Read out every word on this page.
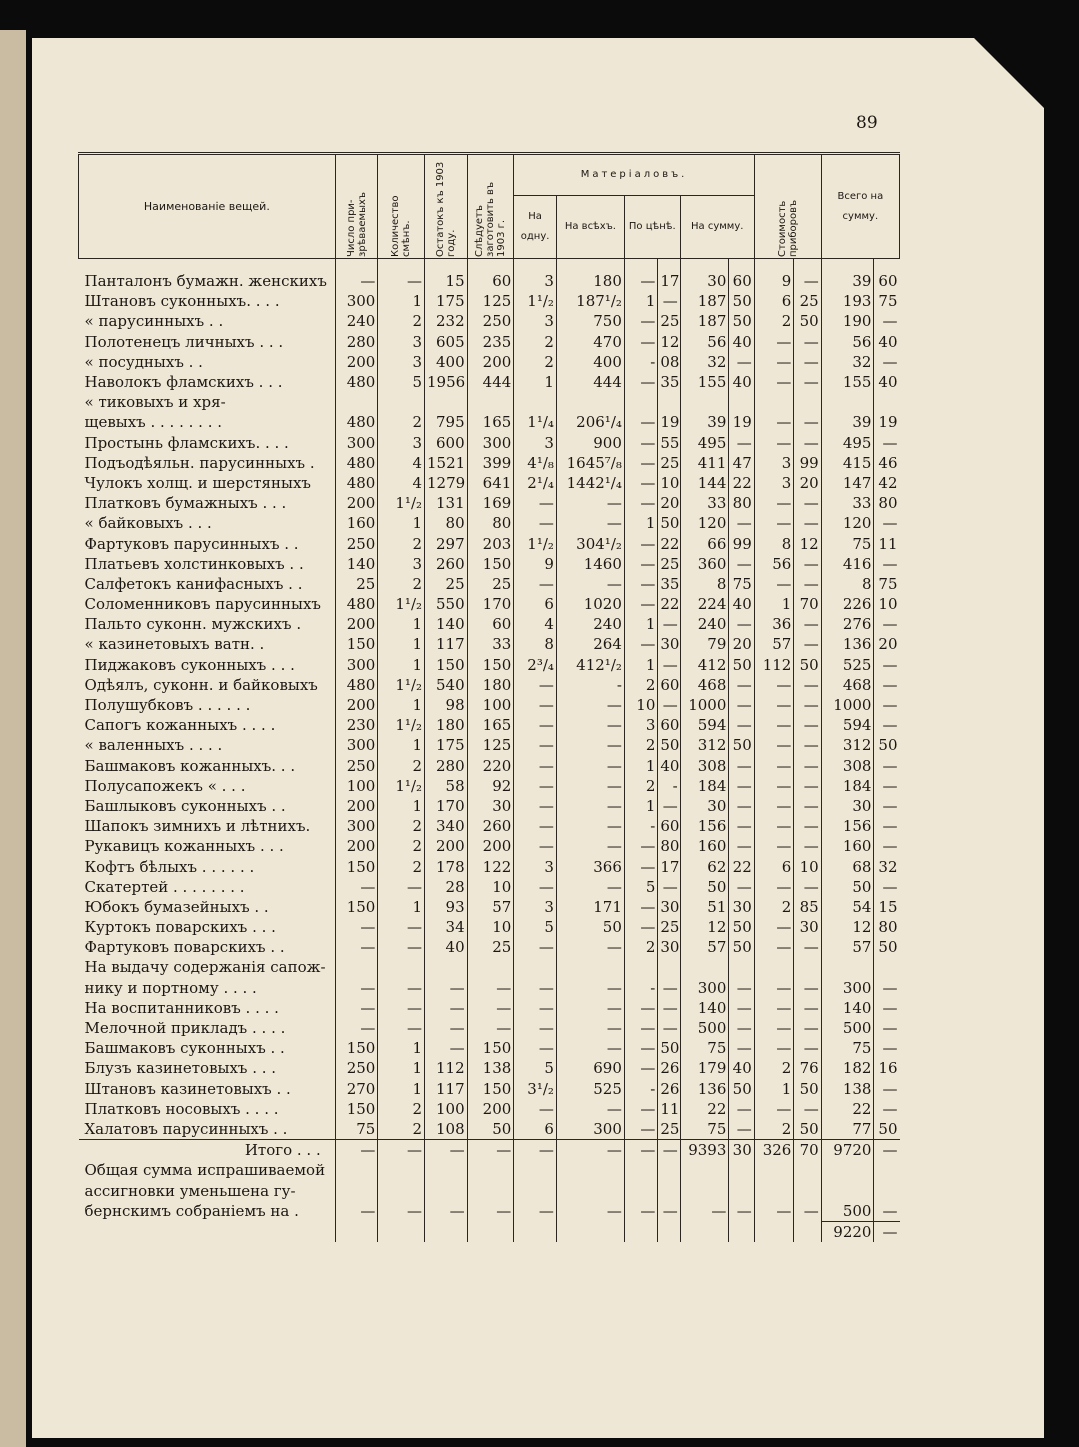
89
Наименованіе вещей.	Число при-зрѣваемыхъ	Количество смѣнъ.	Остатокъ къ 1903 году.	Слѣдуетъ заготовить въ 1903 г.	Матеріаловъ.						Стоимость приборовъ		Всего на сумму.	
					На одну.	На всѣхъ.	По цѣнѣ.		На сумму.					
Панталонъ бумажн. женскихъ	—	—	15	60	3	180	—	17	30	60	9	—	39	60
Штановъ суконныхъ. . . .	300	1	175	125	1¹/₂	187¹/₂	1	—	187	50	6	25	193	75
« парусинныхъ . .	240	2	232	250	3	750	—	25	187	50	2	50	190	—
Полотенецъ личныхъ . . .	280	3	605	235	2	470	—	12	56	40	—	—	56	40
« посудныхъ . .	200	3	400	200	2	400	-	08	32	—	—	—	32	—
Наволокъ фламскихъ . . .	480	5	1956	444	1	444	—	35	155	40	—	—	155	40
« тиковыхъ и хря-														
щевыхъ . . . . . . . .	480	2	795	165	1¹/₄	206¹/₄	—	19	39	19	—	—	39	19
Простынь фламскихъ. . . .	300	3	600	300	3	900	—	55	495	—	—	—	495	—
Подъодѣяльн. парусинныхъ .	480	4	1521	399	4¹/₈	1645⁷/₈	—	25	411	47	3	99	415	46
Чулокъ холщ. и шерстяныхъ	480	4	1279	641	2¹/₄	1442¹/₄	—	10	144	22	3	20	147	42
Платковъ бумажныхъ . . .	200	1¹/₂	131	169	—	—	—	20	33	80	—	—	33	80
« байковыхъ . . .	160	1	80	80	—	—	1	50	120	—	—	—	120	—
Фартуковъ парусинныхъ . .	250	2	297	203	1¹/₂	304¹/₂	—	22	66	99	8	12	75	11
Платьевъ холстинковыхъ . .	140	3	260	150	9	1460	—	25	360	—	56	—	416	—
Салфетокъ канифасныхъ . .	25	2	25	25	—	—	—	35	8	75	—	—	8	75
Соломенниковъ парусинныхъ	480	1¹/₂	550	170	6	1020	—	22	224	40	1	70	226	10
Пальто суконн. мужскихъ .	200	1	140	60	4	240	1	—	240	—	36	—	276	—
« казинетовыхъ ватн. .	150	1	117	33	8	264	—	30	79	20	57	—	136	20
Пиджаковъ суконныхъ . . .	300	1	150	150	2³/₄	412¹/₂	1	—	412	50	112	50	525	—
Одѣялъ, суконн. и байковыхъ	480	1¹/₂	540	180	—	-	2	60	468	—	—	—	468	—
Полушубковъ . . . . . .	200	1	98	100	—	—	10	—	1000	—	—	—	1000	—
Сапогъ кожанныхъ . . . .	230	1¹/₂	180	165	—	—	3	60	594	—	—	—	594	—
« валенныхъ . . . .	300	1	175	125	—	—	2	50	312	50	—	—	312	50
Башмаковъ кожанныхъ. . .	250	2	280	220	—	—	1	40	308	—	—	—	308	—
Полусапожекъ « . . .	100	1¹/₂	58	92	—	—	2	-	184	—	—	—	184	—
Башлыковъ суконныхъ . .	200	1	170	30	—	—	1	—	30	—	—	—	30	—
Шапокъ зимнихъ и лѣтнихъ.	300	2	340	260	—	—	-	60	156	—	—	—	156	—
Рукавицъ кожанныхъ . . .	200	2	200	200	—	—	—	80	160	—	—	—	160	—
Кофтъ бѣлыхъ . . . . . .	150	2	178	122	3	366	—	17	62	22	6	10	68	32
Скатертей . . . . . . . .	—	—	28	10	—	—	5	—	50	—	—	—	50	—
Юбокъ бумазейныхъ . .	150	1	93	57	3	171	—	30	51	30	2	85	54	15
Куртокъ поварскихъ . . .	—	—	34	10	5	50	—	25	12	50	—	30	12	80
Фартуковъ поварскихъ . .	—	—	40	25	—	—	2	30	57	50	—	—	57	50
На выдачу содержанія сапож-														
нику и портному . . . .	—	—	—	—	—	—	-	—	300	—	—	—	300	—
На воспитанниковъ . . . .	—	—	—	—	—	—	—	—	140	—	—	—	140	—
Мелочной прикладъ . . . .	—	—	—	—	—	—	—	—	500	—	—	—	500	—
Башмаковъ суконныхъ . .	150	1	—	150	—	—	—	50	75	—	—	—	75	—
Блузъ казинетовыхъ . . .	250	1	112	138	5	690	—	26	179	40	2	76	182	16
Штановъ казинетовыхъ . .	270	1	117	150	3¹/₂	525	-	26	136	50	1	50	138	—
Платковъ носовыхъ . . . .	150	2	100	200	—	—	—	11	22	—	—	—	22	—
Халатовъ парусинныхъ . .	75	2	108	50	6	300	—	25	75	—	2	50	77	50
Итого . . .	—	—	—	—	—	—	—	—	9393	30	326	70	9720	—
Общая сумма испрашиваемой														
ассигновки уменьшена гу-														
бернскимъ собраніемъ на .	—	—	—	—	—	—	—	—	—	—	—	—	500	—
													9220	—
